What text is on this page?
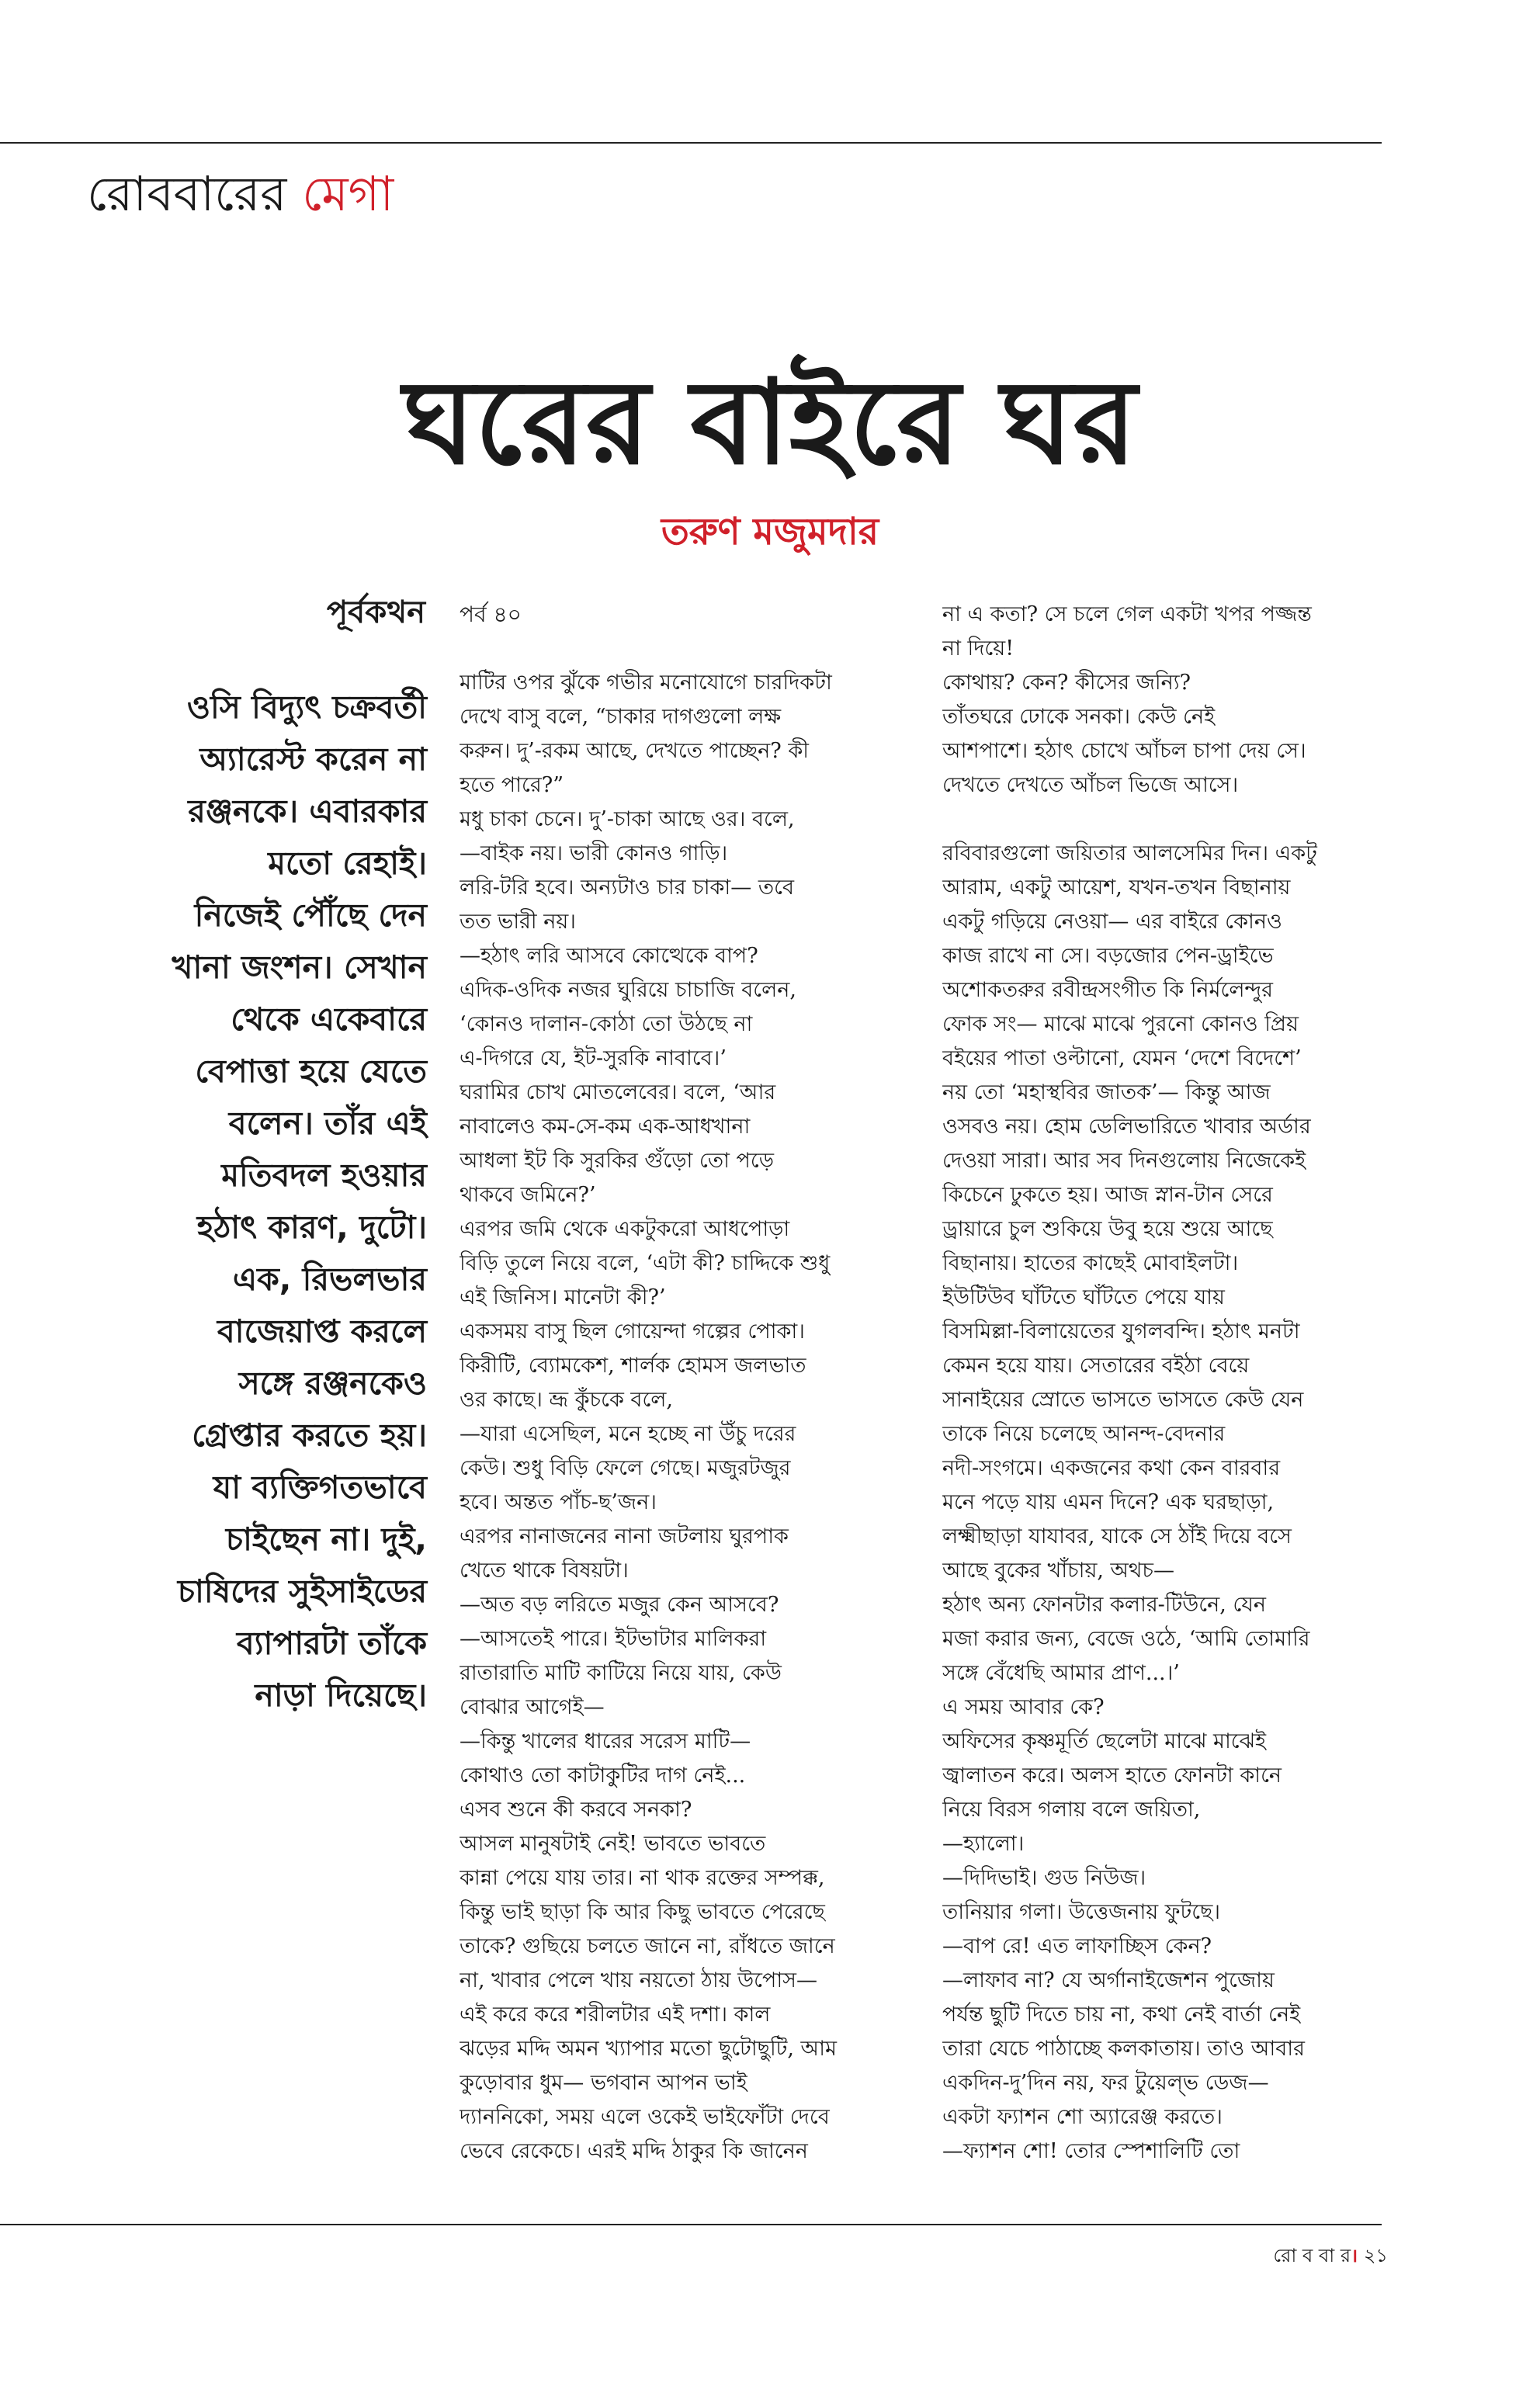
রোববারের মেগা
ঘরের বাইরে ঘর
তরুণ মজুমদার
পূর্বকথন
ওসি বিদ্যুৎ চক্রবর্তী
অ্যারেস্ট করেন না
রঞ্জনকে। এবারকার
মতো রেহাই।
নিজেই পৌঁছে দেন
খানা জংশন। সেখান
থেকে একেবারে
বেপাত্তা হয়ে যেতে
বলেন। তাঁর এই
মতিবদল হওয়ার
হঠাৎ কারণ, দুটো।
এক, রিভলভার
বাজেয়াপ্ত করলে
সঙ্গে রঞ্জনকেও
গ্রেপ্তার করতে হয়।
যা ব্যক্তিগতভাবে
চাইছেন না। দুই,
চাষিদের সুইসাইডের
ব্যাপারটা তাঁকে
নাড়া দিয়েছে।
পর্ব ৪০
মাটির ওপর ঝুঁকে গভীর মনোযোগে চারদিকটা
দেখে বাসু বলে, “চাকার দাগগুলো লক্ষ
করুন। দু’-রকম আছে, দেখতে পাচ্ছেন? কী
হতে পারে?”
মধু চাকা চেনে। দু’-চাকা আছে ওর। বলে,
—বাইক নয়। ভারী কোনও গাড়ি।
লরি-টরি হবে। অন্যটাও চার চাকা— তবে
তত ভারী নয়।
—হঠাৎ লরি আসবে কোত্থেকে বাপ?
এদিক-ওদিক নজর ঘুরিয়ে চাচাজি বলেন,
‘কোনও দালান-কোঠা তো উঠছে না
এ-দিগরে যে, ইট-সুরকি নাবাবে।’
ঘরামির চোখ মোতলেবের। বলে, ‘আর
নাবালেও কম-সে-কম এক-আধখানা
আধলা ইট কি সুরকির গুঁড়ো তো পড়ে
থাকবে জমিনে?’
এরপর জমি থেকে একটুকরো আধপোড়া
বিড়ি তুলে নিয়ে বলে, ‘এটা কী? চাদ্দিকে শুধু
এই জিনিস। মানেটা কী?’
একসময় বাসু ছিল গোয়েন্দা গল্পের পোকা।
কিরীটি, ব্যোমকেশ, শার্লক হোমস জলভাত
ওর কাছে। ভ্রূ কুঁচকে বলে,
—যারা এসেছিল, মনে হচ্ছে না উঁচু দরের
কেউ। শুধু বিড়ি ফেলে গেছে। মজুরটজুর
হবে। অন্তত পাঁচ-ছ’জন।
এরপর নানাজনের নানা জটলায় ঘুরপাক
খেতে থাকে বিষয়টা।
—অত বড় লরিতে মজুর কেন আসবে?
—আসতেই পারে। ইটভাটার মালিকরা
রাতারাতি মাটি কাটিয়ে নিয়ে যায়, কেউ
বোঝার আগেই—
—কিন্তু খালের ধারের সরেস মাটি—
কোথাও তো কাটাকুটির দাগ নেই...
এসব শুনে কী করবে সনকা?
আসল মানুষটাই নেই! ভাবতে ভাবতে
কান্না পেয়ে যায় তার। না থাক রক্তের সম্পক্ক,
কিন্তু ভাই ছাড়া কি আর কিছু ভাবতে পেরেছে
তাকে? গুছিয়ে চলতে জানে না, রাঁধতে জানে
না, খাবার পেলে খায় নয়তো ঠায় উপোস—
এই করে করে শরীলটার এই দশা। কাল
ঝড়ের মদ্দি অমন খ্যাপার মতো ছুটোছুটি, আম
কুড়োবার ধুম— ভগবান আপন ভাই
দ্যাননিকো, সময় এলে ওকেই ভাইফোঁটা দেবে
ভেবে রেকেচে। এরই মদ্দি ঠাকুর কি জানেন
না এ কতা? সে চলে গেল একটা খপর পজ্জন্ত
না দিয়ে!
কোথায়? কেন? কীসের জন্যি?
তাঁতঘরে ঢোকে সনকা। কেউ নেই
আশপাশে। হঠাৎ চোখে আঁচল চাপা দেয় সে।
দেখতে দেখতে আঁচল ভিজে আসে।
রবিবারগুলো জয়িতার আলসেমির দিন। একটু
আরাম, একটু আয়েশ, যখন-তখন বিছানায়
একটু গড়িয়ে নেওয়া— এর বাইরে কোনও
কাজ রাখে না সে। বড়জোর পেন-ড্রাইভে
অশোকতরুর রবীন্দ্রসংগীত কি নির্মলেন্দুর
ফোক সং— মাঝে মাঝে পুরনো কোনও প্রিয়
বইয়ের পাতা ওল্টানো, যেমন ‘দেশে বিদেশে’
নয় তো ‘মহাস্থবির জাতক’— কিন্তু আজ
ওসবও নয়। হোম ডেলিভারিতে খাবার অর্ডার
দেওয়া সারা। আর সব দিনগুলোয় নিজেকেই
কিচেনে ঢুকতে হয়। আজ স্নান-টান সেরে
ড্রায়ারে চুল শুকিয়ে উবু হয়ে শুয়ে আছে
বিছানায়। হাতের কাছেই মোবাইলটা।
ইউটিউব ঘাঁটতে ঘাঁটতে পেয়ে যায়
বিসমিল্লা-বিলায়েতের যুগলবন্দি। হঠাৎ মনটা
কেমন হয়ে যায়। সেতারের বইঠা বেয়ে
সানাইয়ের স্রোতে ভাসতে ভাসতে কেউ যেন
তাকে নিয়ে চলেছে আনন্দ-বেদনার
নদী-সংগমে। একজনের কথা কেন বারবার
মনে পড়ে যায় এমন দিনে? এক ঘরছাড়া,
লক্ষ্মীছাড়া যাযাবর, যাকে সে ঠাঁই দিয়ে বসে
আছে বুকের খাঁচায়, অথচ—
হঠাৎ অন্য ফোনটার কলার-টিউনে, যেন
মজা করার জন্য, বেজে ওঠে, ‘আমি তোমারি
সঙ্গে বেঁধেছি আমার প্রাণ...।’
এ সময় আবার কে?
অফিসের কৃষ্ণমূর্তি ছেলেটা মাঝে মাঝেই
জ্বালাতন করে। অলস হাতে ফোনটা কানে
নিয়ে বিরস গলায় বলে জয়িতা,
—হ্যালো।
—দিদিভাই। গুড নিউজ।
তানিয়ার গলা। উত্তেজনায় ফুটছে।
—বাপ রে! এত লাফাচ্ছিস কেন?
—লাফাব না? যে অর্গানাইজেশন পুজোয়
পর্যন্ত ছুটি দিতে চায় না, কথা নেই বার্তা নেই
তারা যেচে পাঠাচ্ছে কলকাতায়। তাও আবার
একদিন-দু’দিন নয়, ফর টুয়েল্ভ ডেজ—
একটা ফ্যাশন শো অ্যারেঞ্জ করতে।
—ফ্যাশন শো! তোর স্পেশালিটি তো
রো ব বা র। ২১
